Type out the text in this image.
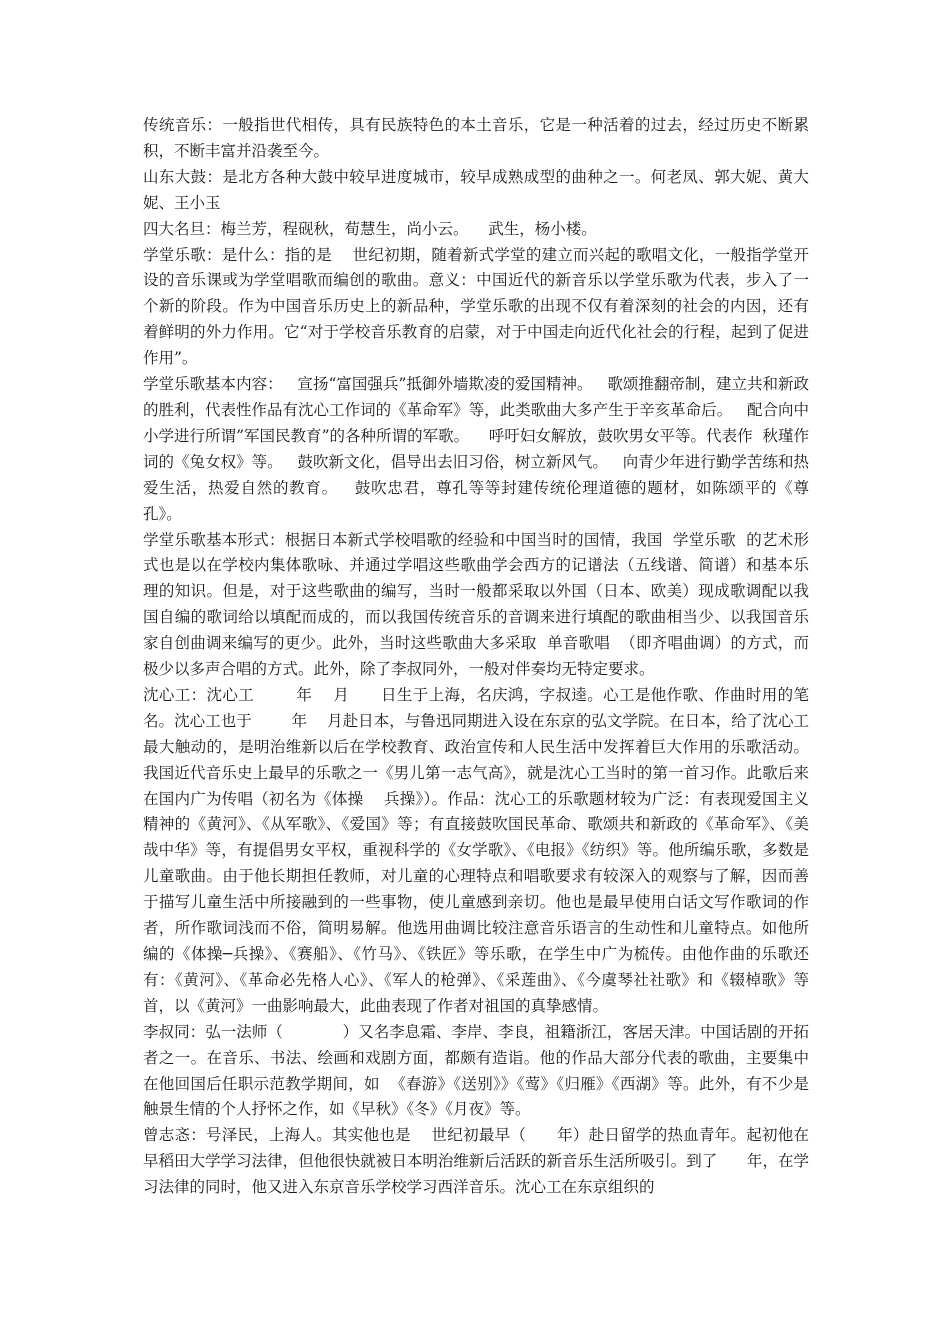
传统音乐：一般指世代相传，具有民族特色的本土音乐，它是一种活着的过去，经过历史不断累积，不断丰富并沿袭至今。

山东大鼓：是北方各种大鼓中较早进度城市，较早成熟成型的曲种之一。何老凤、郭大妮、黄大妮、王小玉

四大名旦：梅兰芳，程砚秋，荀慧生，尚小云。    武生，杨小楼。

学堂乐歌：是什么：指的是    世纪初期，随着新式学堂的建立而兴起的歌唱文化，一般指学堂开设的音乐课或为学堂唱歌而编创的歌曲。意义：中国近代的新音乐以学堂乐歌为代表，步入了一个新的阶段。作为中国音乐历史上的新品种，学堂乐歌的出现不仅有着深刻的社会的内因，还有着鲜明的外力作用。它“对于学校音乐教育的启蒙，对于中国走向近代化社会的行程，起到了促进作用”。

学堂乐歌基本内容：   宣扬“富国强兵”抵御外墙欺凌的爱国精神。   歌颂推翻帝制，建立共和新政的胜利，代表性作品有沈心工作词的《革命军》等，此类歌曲大多产生于辛亥革命后。   配合向中小学进行所谓”军国民教育”的各种所谓的军歌。    呼吁妇女解放，鼓吹男女平等。代表作  秋瑾作词的《兔女权》等。   鼓吹新文化，倡导出去旧习俗，树立新风气。   向青少年进行勤学苦练和热爱生活，热爱自然的教育。   鼓吹忠君，尊孔等等封建传统伦理道德的题材，如陈颂平的《尊孔》。

学堂乐歌基本形式：根据日本新式学校唱歌的经验和中国当时的国情，我国  学堂乐歌  的艺术形式也是以在学校内集体歌咏、并通过学唱这些歌曲学会西方的记谱法（五线谱、简谱）和基本乐理的知识。但是，对于这些歌曲的编写，当时一般都采取以外国（日本、欧美）现成歌调配以我国自编的歌词给以填配而成的，而以我国传统音乐的音调来进行填配的歌曲相当少、以我国音乐家自创曲调来编写的更少。此外，当时这些歌曲大多采取  单音歌唱  （即齐唱曲调）的方式，而极少以多声合唱的方式。此外，除了李叔同外，一般对伴奏均无特定要求。

沈心工：沈心工        年    月      日生于上海，名庆鸿，字叔逵。心工是他作歌、作曲时用的笔名。沈心工也于        年    月赴日本，与鲁迅同期进入设在东京的弘文学院。在日本，给了沈心工最大触动的，是明治维新以后在学校教育、政治宣传和人民生活中发挥着巨大作用的乐歌活动。我国近代音乐史上最早的乐歌之一《男儿第一志气高》，就是沈心工当时的第一首习作。此歌后来在国内广为传唱（初名为《体操    兵操》）。作品：沈心工的乐歌题材较为广泛：有表现爱国主义精神的《黄河》、《从军歌》、《爱国》等；有直接鼓吹国民革命、歌颂共和新政的《革命军》、《美哉中华》等，有提倡男女平权，重视科学的《女学歌》、《电报》《纺织》等。他所编乐歌，多数是儿童歌曲。由于他长期担任教师，对儿童的心理特点和唱歌要求有较深入的观察与了解，因而善于描写儿童生活中所接融到的一些事物，使儿童感到亲切。他也是最早使用白话文写作歌词的作者，所作歌词浅而不俗，简明易解。他选用曲调比较注意音乐语言的生动性和儿童特点。如他所编的《体操─兵操》、《赛船》、《竹马》、《铁匠》等乐歌，在学生中广为梳传。由他作曲的乐歌还有：《黄河》、《革命必先格人心》、《军人的枪弹》、《采莲曲》、《今虞琴社社歌》和《辍棹歌》等    首，以《黄河》一曲影响最大，此曲表现了作者对祖国的真挚感情。

李叔同：弘一法师（            ）又名李息霜、李岸、李良，祖籍浙江，客居天津。中国话剧的开拓者之一。在音乐、书法、绘画和戏剧方面，都颇有造诣。他的作品大部分代表的歌曲，主要集中在他回国后任职示范教学期间，如  《春游》《送别》》《莺》《归雁》《西湖》等。此外，有不少是触景生情的个人抒怀之作，如《早秋》《冬》《月夜》等。

曾志忞：号泽民，上海人。其实他也是    世纪初最早（      年）赴日留学的热血青年。起初他在早稻田大学学习法律，但他很快就被日本明治维新后活跃的新音乐生活所吸引。到了      年，在学习法律的同时，他又进入东京音乐学校学习西洋音乐。沈心工在东京组织的
